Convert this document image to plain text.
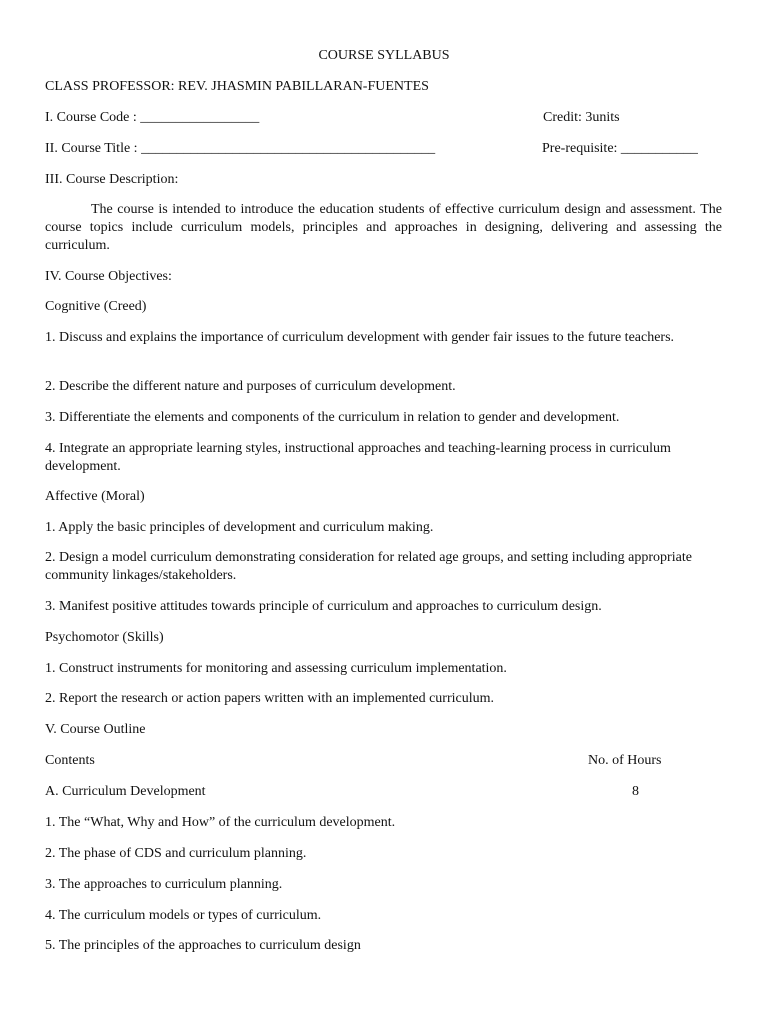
COURSE SYLLABUS
CLASS PROFESSOR: REV. JHASMIN PABILLARAN-FUENTES
I. Course Code : _________________	Credit: 3units
II. Course Title : __________________________________________	Pre-requisite: ___________
III. Course Description:
The course is intended to introduce the education students of effective curriculum design and assessment. The course topics include curriculum models, principles and approaches in designing, delivering and assessing the curriculum.
IV. Course Objectives:
Cognitive (Creed)
1. Discuss and explains the importance of curriculum development with gender fair issues to the future teachers.
2. Describe the different nature and purposes of curriculum development.
3. Differentiate the elements and components of the curriculum in relation to gender and development.
4. Integrate an appropriate learning styles, instructional approaches and teaching-learning process in curriculum development.
Affective (Moral)
1. Apply the basic principles of development and curriculum making.
2. Design a model curriculum demonstrating consideration for related age groups, and setting including appropriate community linkages/stakeholders.
3. Manifest positive attitudes towards principle of curriculum and approaches to curriculum design.
Psychomotor (Skills)
1. Construct instruments for monitoring and assessing curriculum implementation.
2. Report the research or action papers written with an implemented curriculum.
V. Course Outline
Contents	No. of Hours
A. Curriculum Development	8
1. The “What, Why and How” of the curriculum development.
2. The phase of CDS and curriculum planning.
3. The approaches to curriculum planning.
4. The curriculum models or types of curriculum.
5. The principles of the approaches to curriculum design
